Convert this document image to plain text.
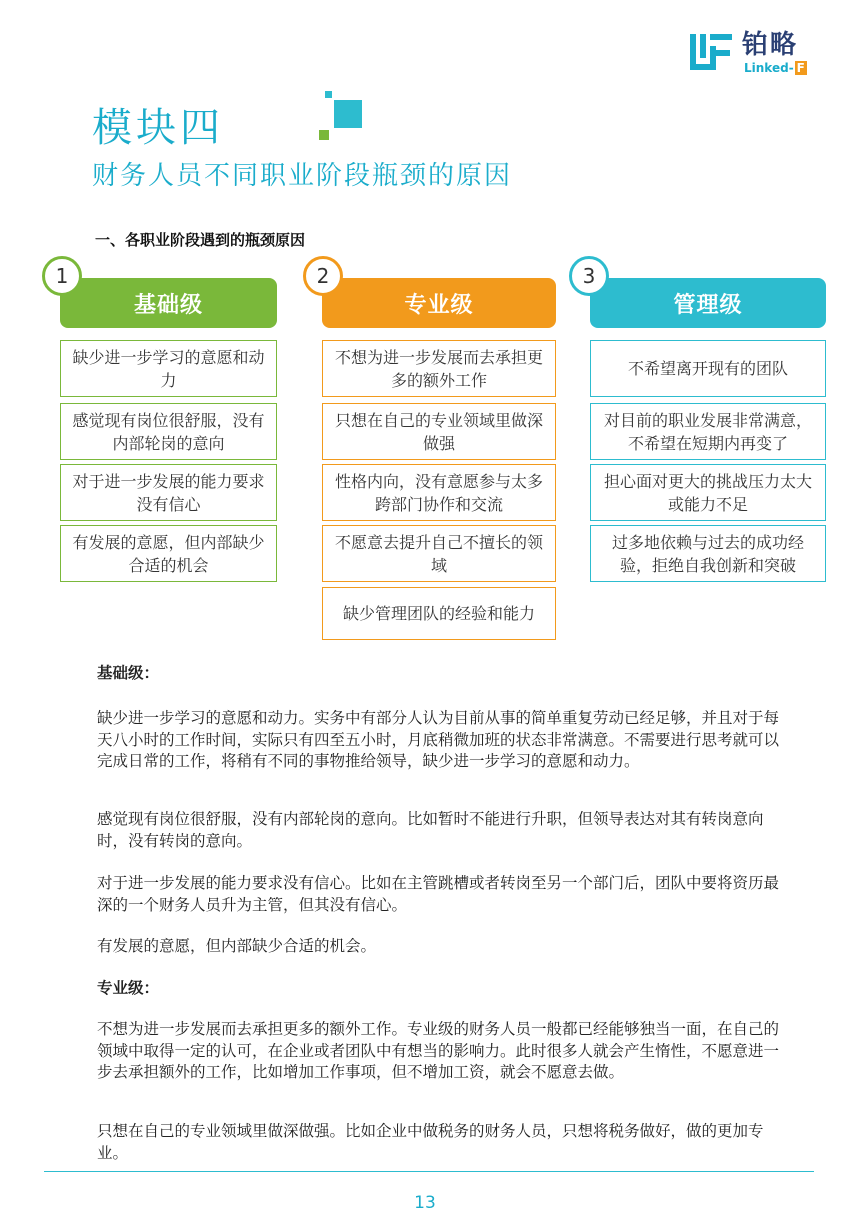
铂略
Linked- F
模块四
财务人员不同职业阶段瓶颈的原因
一、各职业阶段遇到的瓶颈原因
基础级
1
缺少进一步学习的意愿和动力
感觉现有岗位很舒服，没有内部轮岗的意向
对于进一步发展的能力要求没有信心
有发展的意愿，但内部缺少合适的机会
专业级
2
不想为进一步发展而去承担更多的额外工作
只想在自己的专业领域里做深做强
性格内向，没有意愿参与太多跨部门协作和交流
不愿意去提升自己不擅长的领域
缺少管理团队的经验和能力
管理级
3
不希望离开现有的团队
对目前的职业发展非常满意，不希望在短期内再变了
担心面对更大的挑战压力太大或能力不足
过多地依赖与过去的成功经验，拒绝自我创新和突破
基础级：

缺少进一步学习的意愿和动力。实务中有部分人认为目前从事的简单重复劳动已经足够，并且对于每天八小时的工作时间，实际只有四至五小时，月底稍微加班的状态非常满意。不需要进行思考就可以完成日常的工作，将稍有不同的事物推给领导，缺少进一步学习的意愿和动力。

感觉现有岗位很舒服，没有内部轮岗的意向。比如暂时不能进行升职，但领导表达对其有转岗意向时，没有转岗的意向。

对于进一步发展的能力要求没有信心。比如在主管跳槽或者转岗至另一个部门后，团队中要将资历最深的一个财务人员升为主管，但其没有信心。

有发展的意愿，但内部缺少合适的机会。

专业级：

不想为进一步发展而去承担更多的额外工作。专业级的财务人员一般都已经能够独当一面，在自己的领域中取得一定的认可，在企业或者团队中有想当的影响力。此时很多人就会产生惰性，不愿意进一步去承担额外的工作，比如增加工作事项，但不增加工资，就会不愿意去做。

只想在自己的专业领域里做深做强。比如企业中做税务的财务人员，只想将税务做好，做的更加专业。

13
